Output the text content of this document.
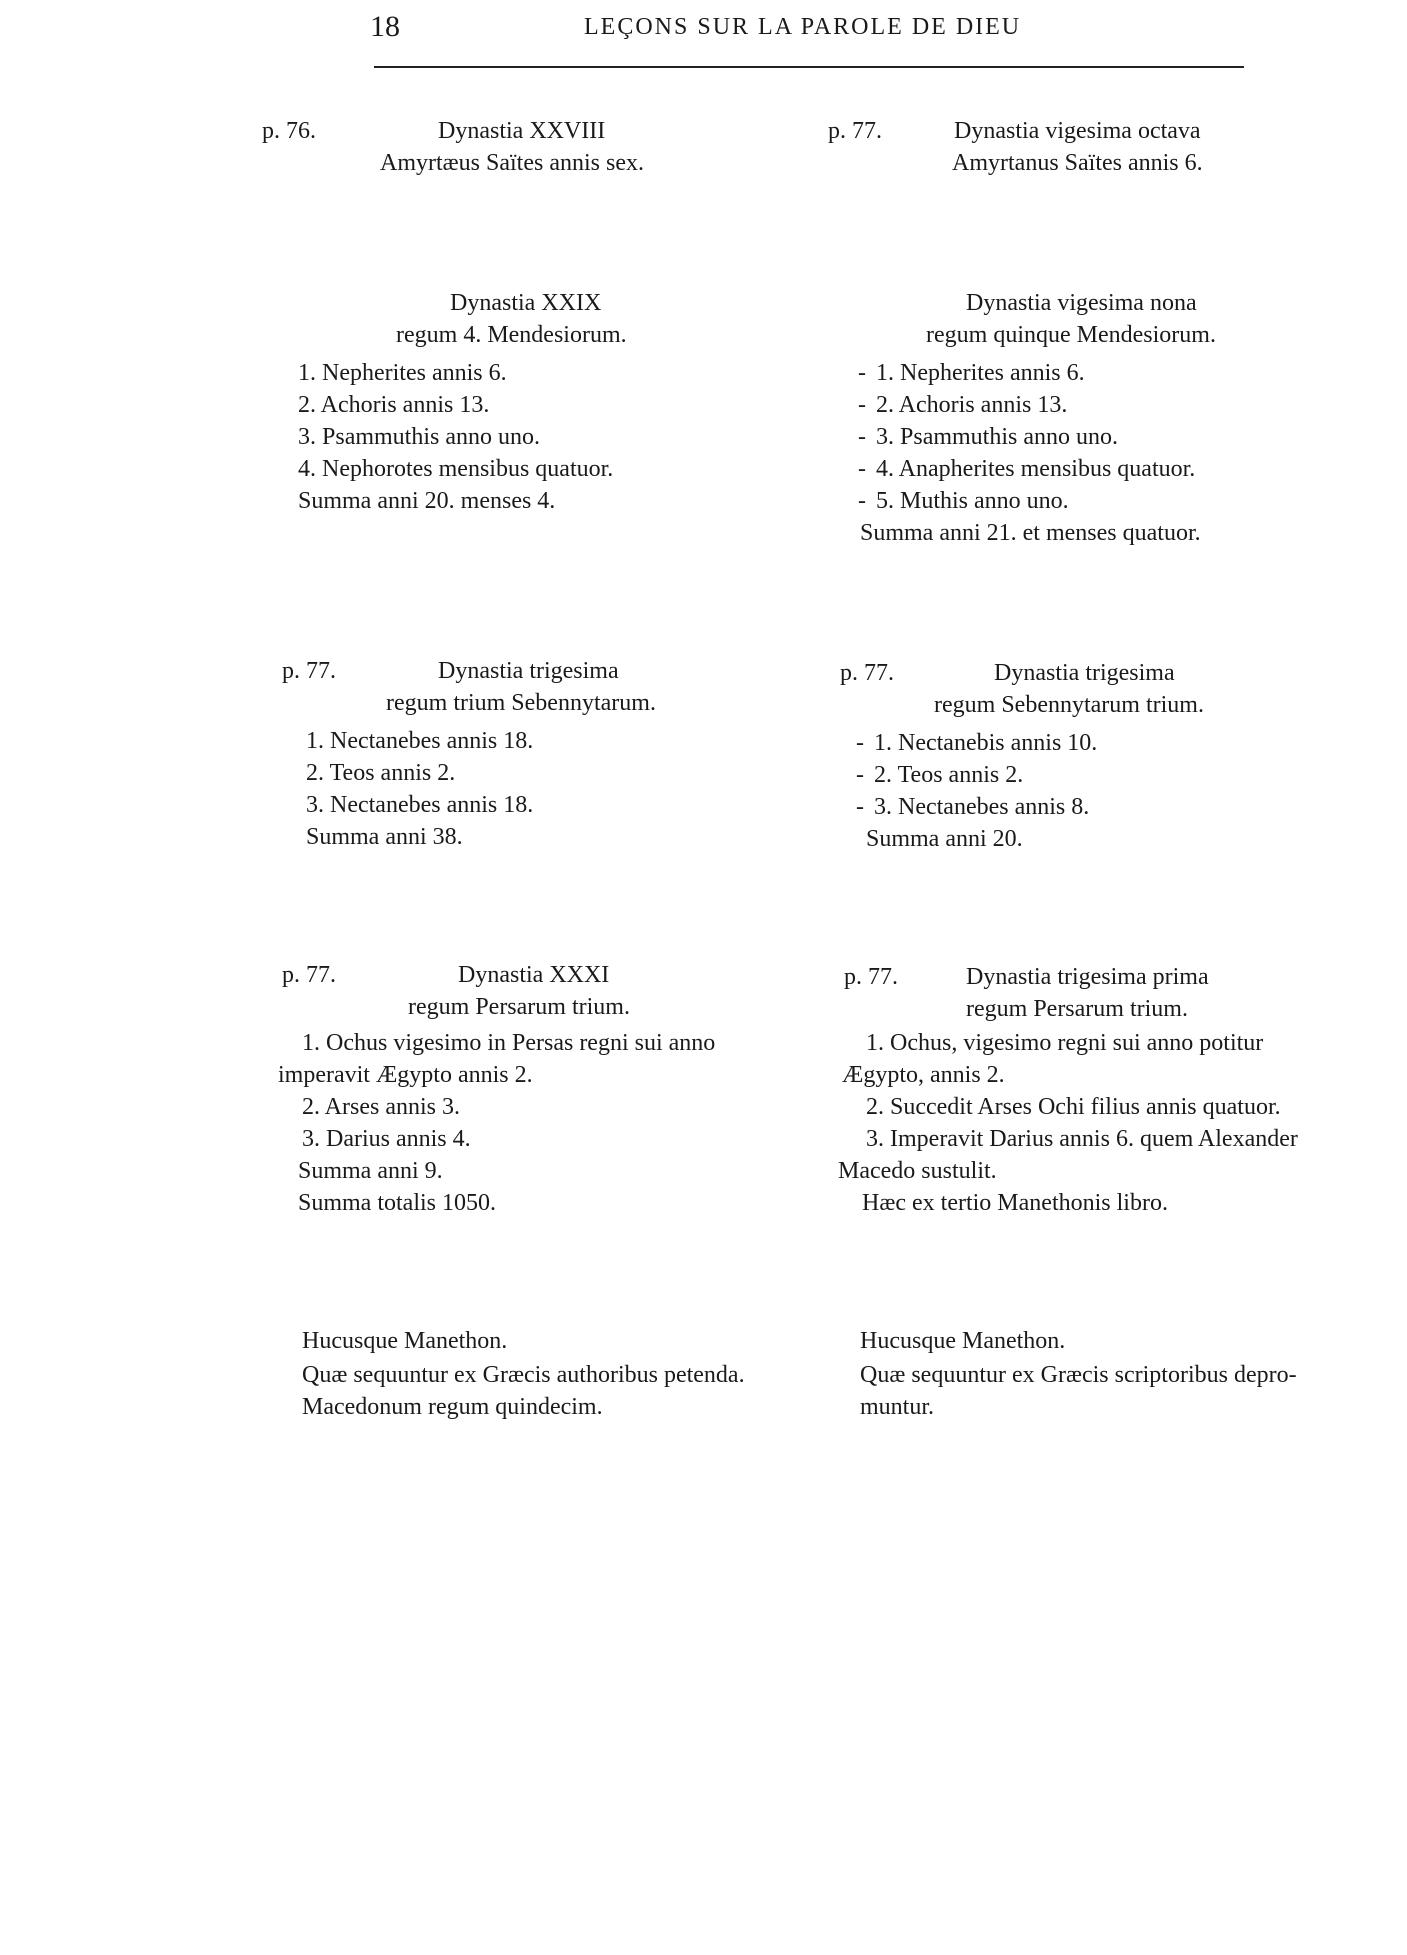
18	LEÇONS SUR LA PAROLE DE DIEU
p. 76.	Dynastia XXVIII
Amyrtæus Saïtes annis sex.
p. 77.	Dynastia vigesima octava
Amyrtanus Saïtes annis 6.
Dynastia XXIX
regum 4. Mendesiorum.
1. Nepherites annis 6.
2. Achoris annis 13.
3. Psammuthis anno uno.
4. Nephorotes mensibus quatuor.
Summa anni 20. menses 4.
Dynastia vigesima nona
regum quinque Mendesiorum.
- 1. Nepherites annis 6.
- 2. Achoris annis 13.
- 3. Psammuthis anno uno.
- 4. Anapherites mensibus quatuor.
- 5. Muthis anno uno.
Summa anni 21. et menses quatuor.
p. 77.	Dynastia trigesima
regum trium Sebennytarum.
1. Nectanebes annis 18.
2. Teos annis 2.
3. Nectanebes annis 18.
Summa anni 38.
p. 77.	Dynastia trigesima
regum Sebennytarum trium.
- 1. Nectanebis annis 10.
- 2. Teos annis 2.
- 3. Nectanebes annis 8.
Summa anni 20.
p. 77.	Dynastia XXXI
regum Persarum trium.
1. Ochus vigesimo in Persas regni sui anno
imperavit Ægypto annis 2.
2. Arses annis 3.
3. Darius annis 4.
Summa anni 9.
Summa totalis 1050.
p. 77.	Dynastia trigesima prima
regum Persarum trium.
1. Ochus, vigesimo regni sui anno potitur
Ægypto, annis 2.
2. Succedit Arses Ochi filius annis quatuor.
3. Imperavit Darius annis 6. quem Alexander
Macedo sustulit.
Hæc ex tertio Manethonis libro.
Hucusque Manethon.
Quæ sequuntur ex Græcis authoribus petenda.
Macedonum regum quindecim.
Hucusque Manethon.
Quæ sequuntur ex Græcis scriptoribus depro-
muntur.
